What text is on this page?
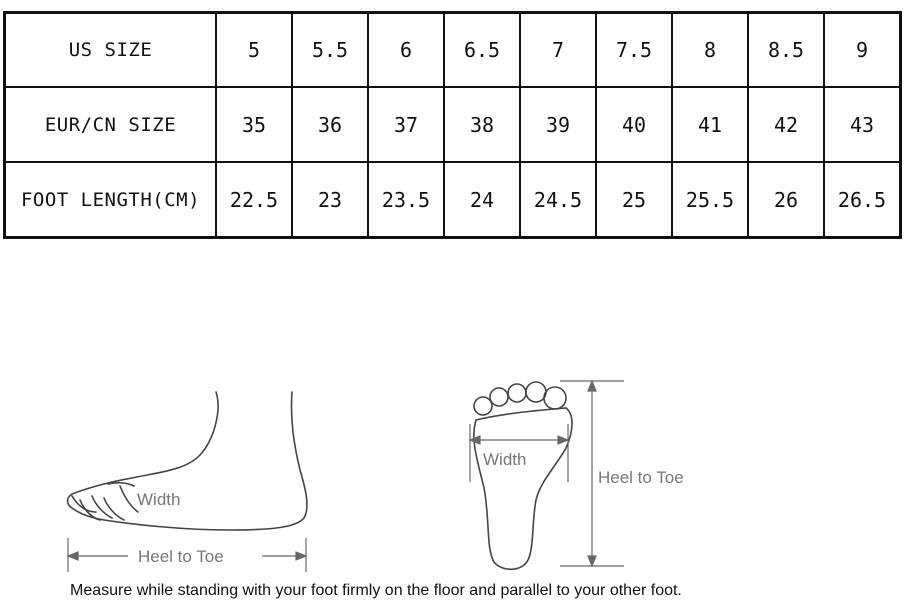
US SIZE	5	5.5	6	6.5	7	7.5	8	8.5	9
EUR/CN SIZE	35	36	37	38	39	40	41	42	43
FOOT LENGTH(CM)	22.5	23	23.5	24	24.5	25	25.5	26	26.5
Width
Heel to Toe
Width
Heel to Toe
Measure while standing with your foot firmly on the floor and parallel to your other foot.
